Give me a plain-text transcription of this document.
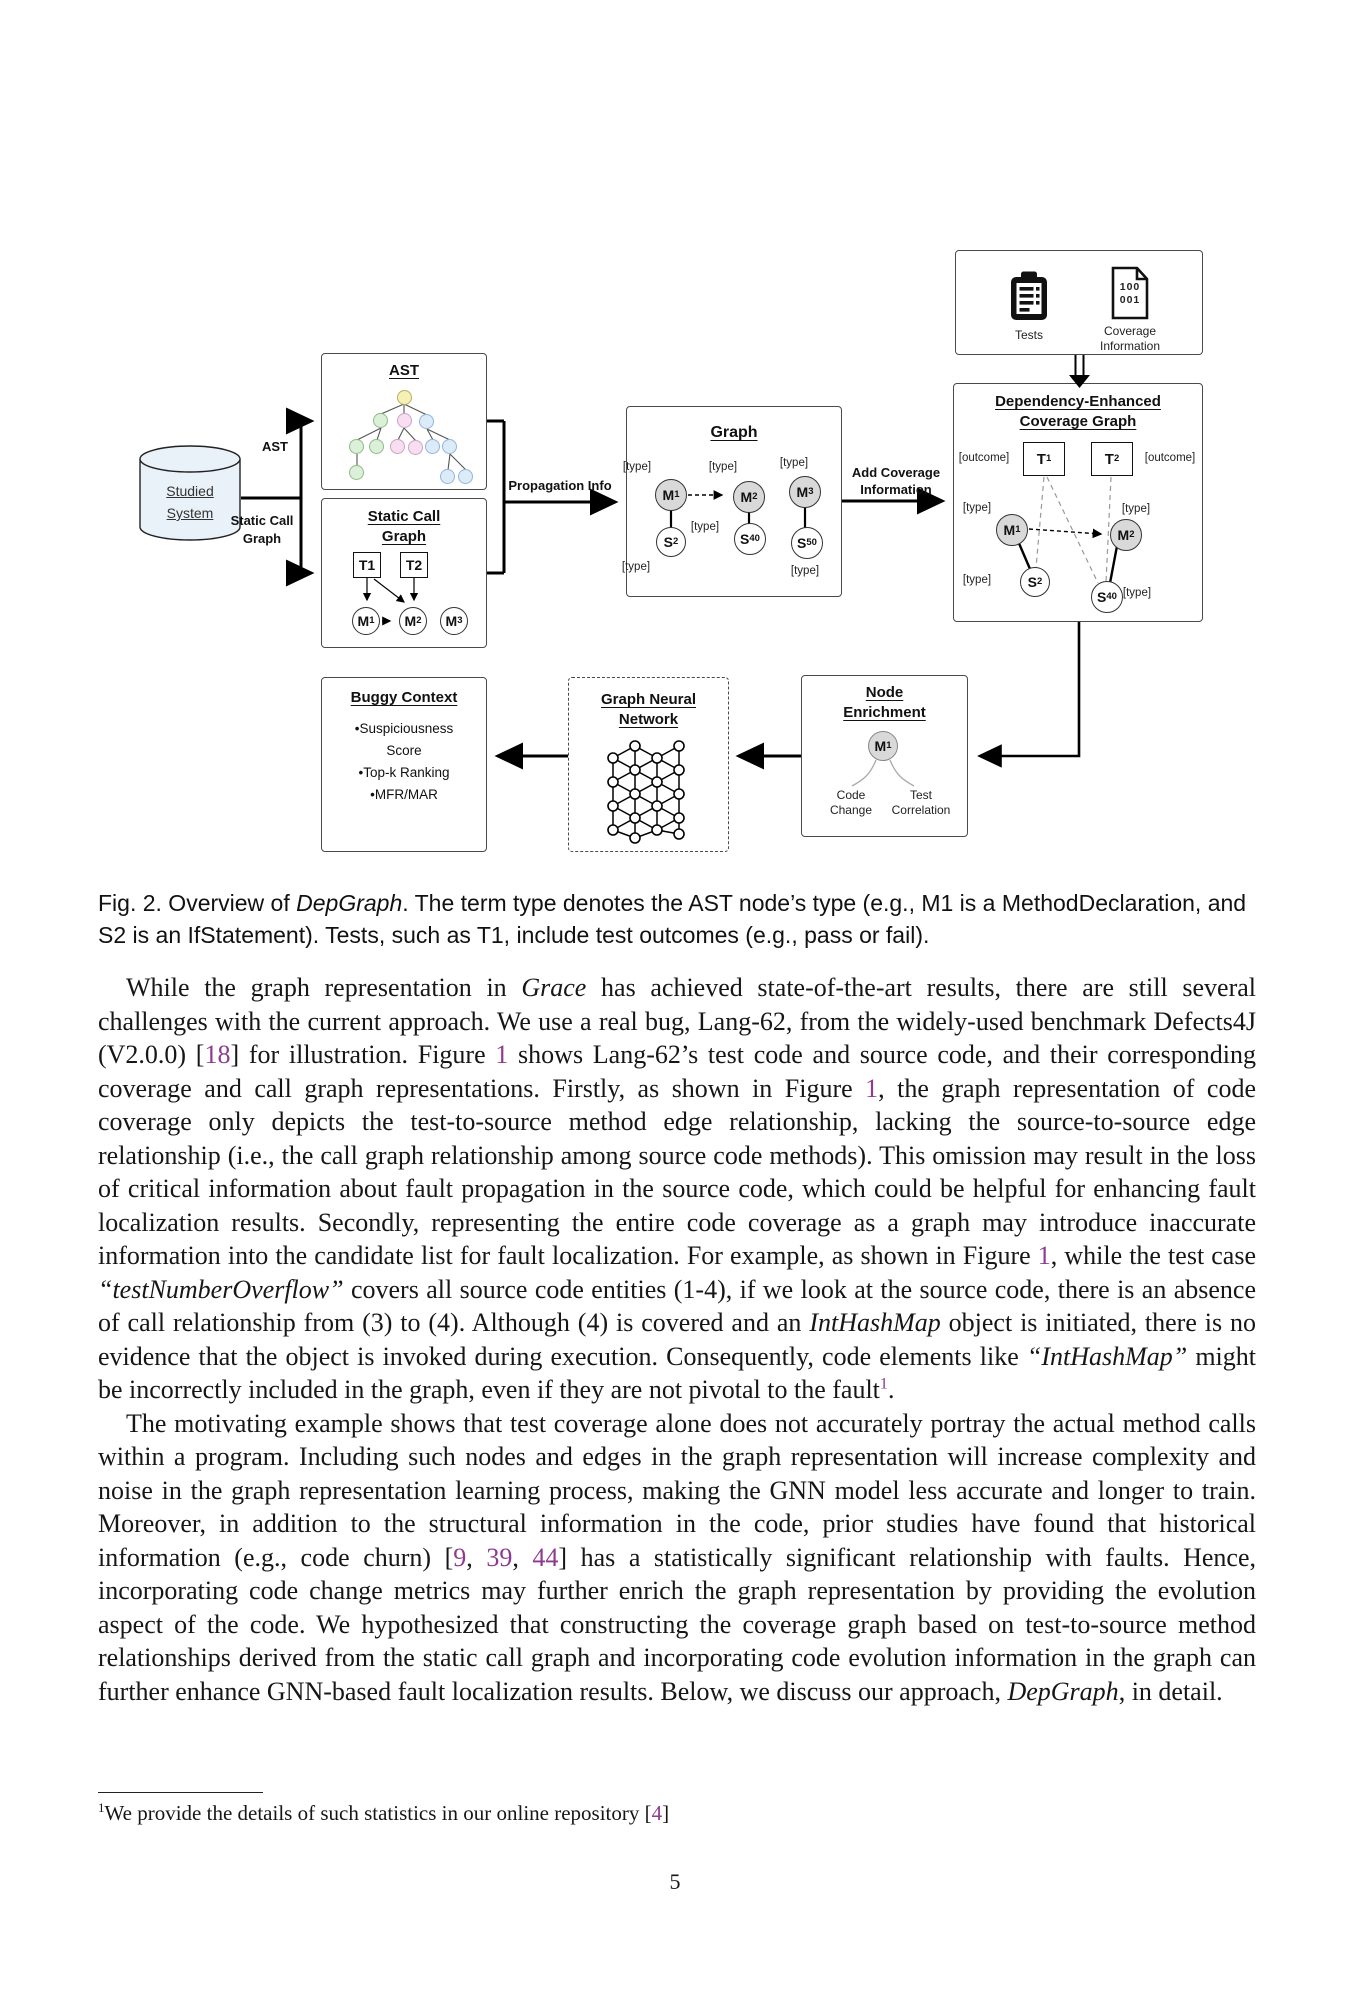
AST
Static Call
Graph
Graph
Dependency-Enhanced
Coverage Graph
Buggy Context
•Suspiciousness
Score
•Top-k Ranking
•MFR/MAR
Graph Neural
Network
Node
Enrichment
Studied
System
Tests
100
001
Coverage
Information
T1	T2
M 1 M 2 M 3
M 1	M 2	M 3
S 2	S 40	S 50
[type]	[type]	[type]
[type]
[type]	[type]
T 1	T 2
[outcome]	[outcome]
M 1	M 2
S 2
S 40
[type]	[type]
[type]
[type]
M 1
Code
Change
Test
Correlation
AST
Static Call
Graph
Propagation Info
Add Coverage
Information
Fig. 2. Overview of DepGraph. The term type denotes the AST node’s type (e.g., M1 is a MethodDeclaration, and S2 is an IfStatement). Tests, such as T1, include test outcomes (e.g., pass or fail).

While the graph representation in Grace has achieved state-of-the-art results, there are still several challenges with the current approach. We use a real bug, Lang-62, from the widely-used benchmark Defects4J (V2.0.0) [18] for illustration. Figure 1 shows Lang-62’s test code and source code, and their corresponding coverage and call graph representations. Firstly, as shown in Figure 1, the graph representation of code coverage only depicts the test-to-source method edge relationship, lacking the source-to-source edge relationship (i.e., the call graph relationship among source code methods). This omission may result in the loss of critical information about fault propagation in the source code, which could be helpful for enhancing fault localization results. Secondly, representing the entire code coverage as a graph may introduce inaccurate information into the candidate list for fault localization. For example, as shown in Figure 1, while the test case “testNumberOverflow” covers all source code entities (1-4), if we look at the source code, there is an absence of call relationship from (3) to (4). Although (4) is covered and an IntHashMap object is initiated, there is no evidence that the object is invoked during execution. Consequently, code elements like “IntHashMap” might be incorrectly included in the graph, even if they are not pivotal to the fault$^1$.

The motivating example shows that test coverage alone does not accurately portray the actual method calls within a program. Including such nodes and edges in the graph representation will increase complexity and noise in the graph representation learning process, making the GNN model less accurate and longer to train. Moreover, in addition to the structural information in the code, prior studies have found that historical information (e.g., code churn) [9, 39, 44] has a statistically significant relationship with faults. Hence, incorporating code change metrics may further enrich the graph representation by providing the evolution aspect of the code. We hypothesized that constructing the coverage graph based on test-to-source method relationships derived from the static call graph and incorporating code evolution information in the graph can further enhance GNN-based fault localization results. Below, we discuss our approach, DepGraph, in detail.

$^1$We provide the details of such statistics in our online repository [4]
5
